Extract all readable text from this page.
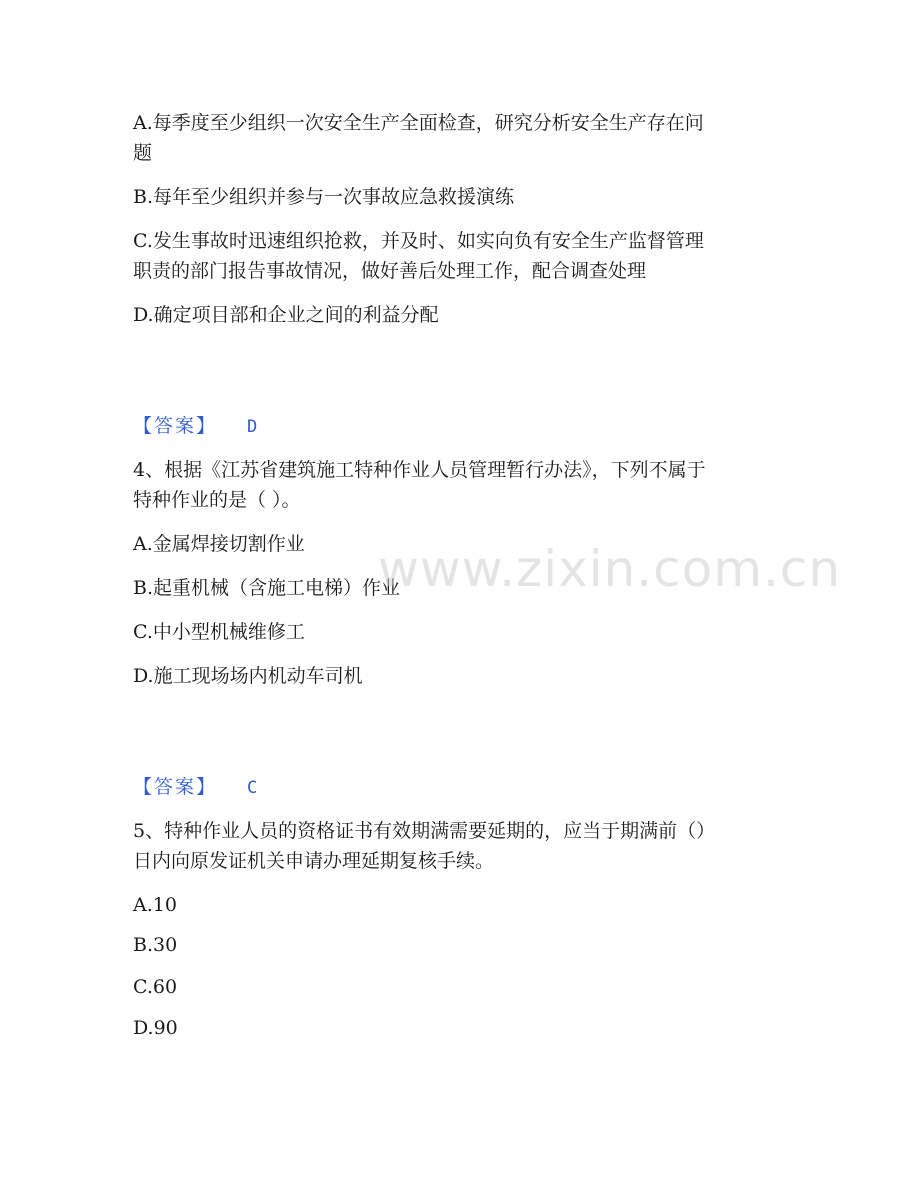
A.每季度至少组织一次安全生产全面检查，研究分析安全生产存在问
题
B.每年至少组织并参与一次事故应急救援演练
C.发生事故时迅速组织抢救，并及时、如实向负有安全生产监督管理
职责的部门报告事故情况，做好善后处理工作，配合调查处理
D.确定项目部和企业之间的利益分配
【答案】 D
4、根据《江苏省建筑施工特种作业人员管理暂行办法》，下列不属于
特种作业的是（ ）。
A.金属焊接切割作业
B.起重机械（含施工电梯）作业
C.中小型机械维修工
D.施工现场场内机动车司机
【答案】 C
5、特种作业人员的资格证书有效期满需要延期的，应当于期满前（）
日内向原发证机关申请办理延期复核手续。
A.10
B.30
C.60
D.90
www.zixin.com.cn
